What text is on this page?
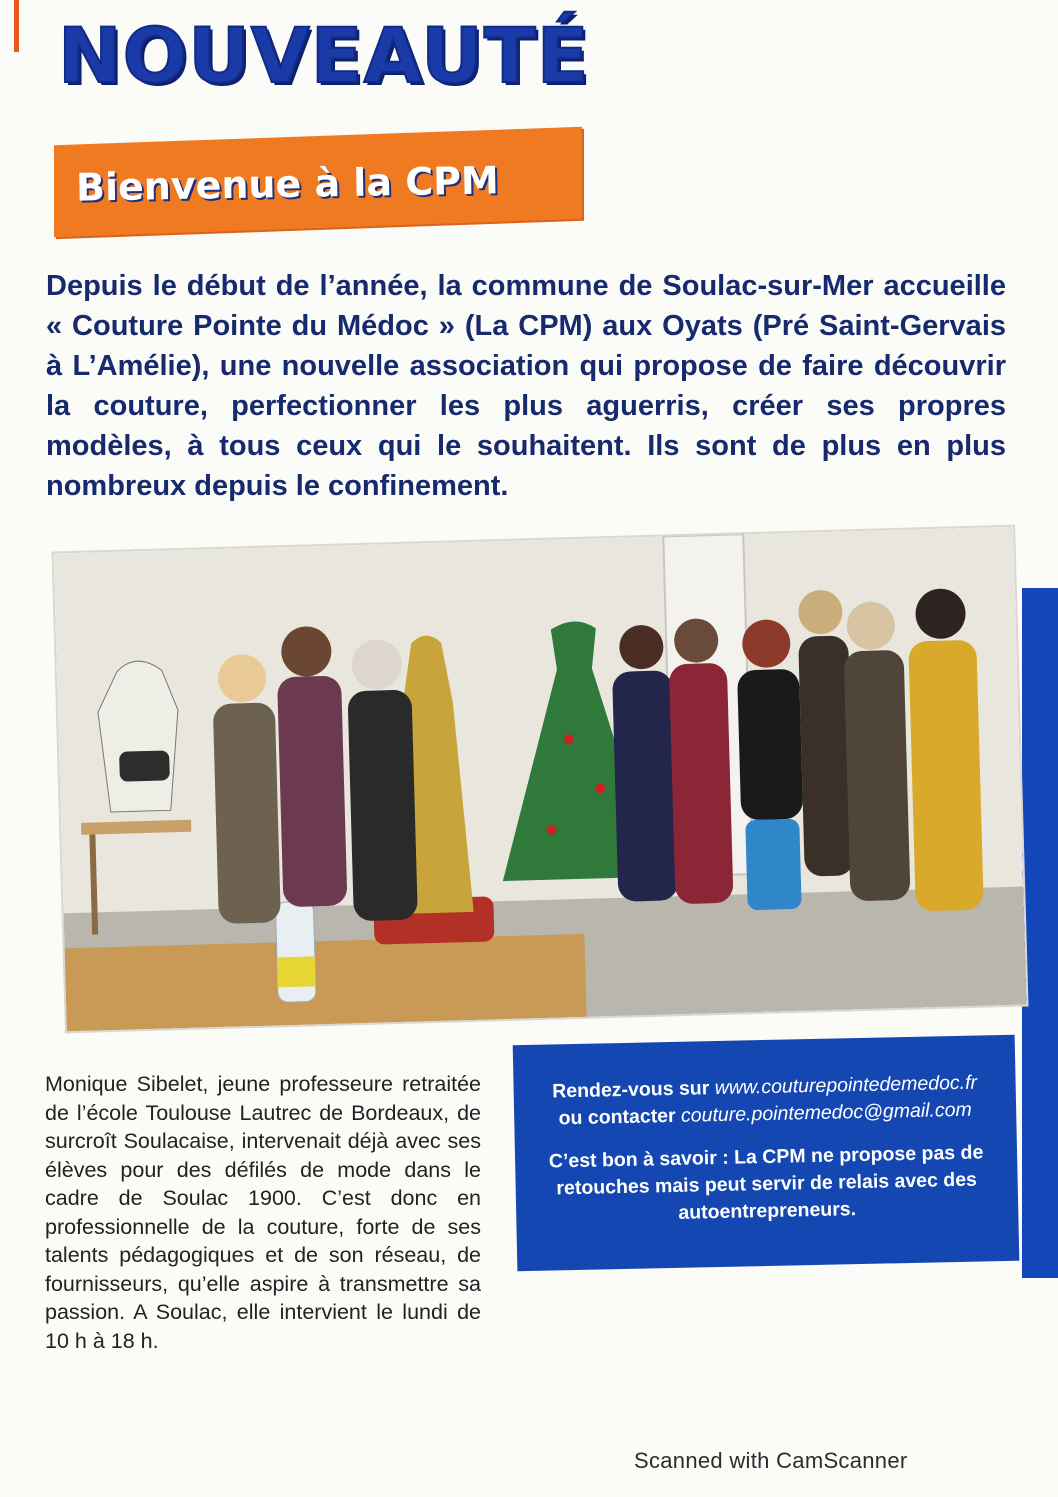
NOUVEAUTÉ
Bienvenue à la CPM

Depuis le début de l’année, la commune de Soulac-sur-Mer accueille « Couture Pointe du Médoc » (La CPM) aux Oyats (Pré Saint-Gervais à L’Amélie), une nouvelle association qui propose de faire découvrir la couture, perfectionner les plus aguerris, créer ses propres modèles, à tous ceux qui le souhaitent. Ils sont de plus en plus nombreux depuis le confinement.

Monique Sibelet, jeune professeure retraitée de l’école Toulouse Lautrec de Bordeaux, de surcroît Soulacaise, intervenait déjà avec ses élèves pour des défilés de mode dans le cadre de Soulac 1900. C’est donc en professionnelle de la couture, forte de ses talents pédagogiques et de son réseau, de fournisseurs, qu’elle aspire à transmettre sa passion. A Soulac, elle intervient le lundi de 10 h à 18 h.

Rendez-vous sur www.couturepointedemedoc.fr

ou contacter couture.pointemedoc@gmail.com

C’est bon à savoir : La CPM ne propose pas de retouches mais peut servir de relais avec des autoentrepreneurs.

Scanned with CamScanner
